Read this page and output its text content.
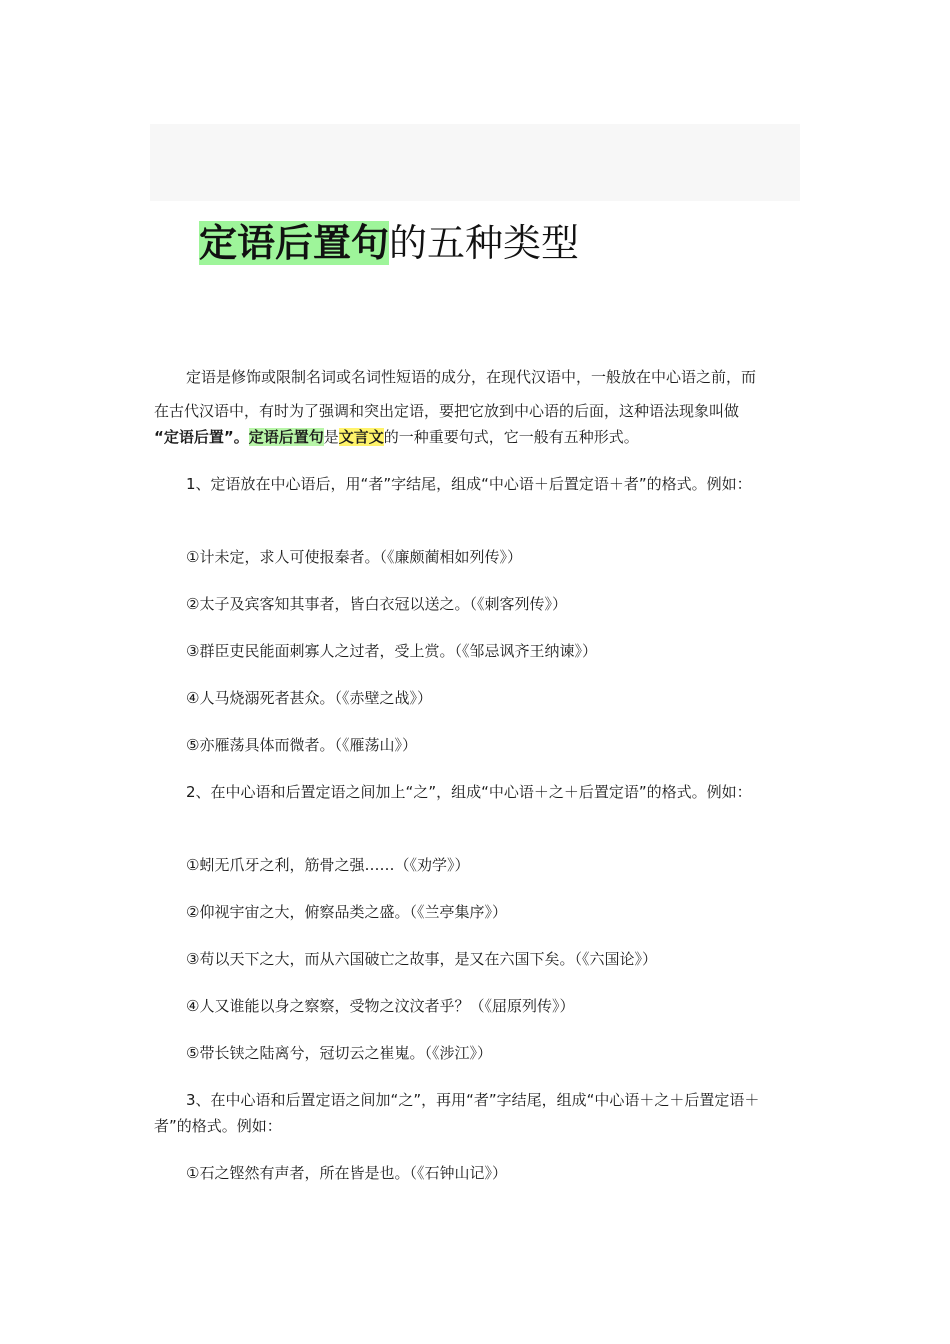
定语后置句的五种类型
定语是修饰或限制名词或名词性短语的成分，在现代汉语中，一般放在中心语之前，而
在古代汉语中，有时为了强调和突出定语，要把它放到中心语的后面，这种语法现象叫做
“定语后置”。定语后置句是文言文的一种重要句式，它一般有五种形式。

1、定语放在中心语后，用“者”字结尾，组成“中心语＋后置定语＋者”的格式。例如：

①计未定，求人可使报秦者。（《廉颇蔺相如列传》）
②太子及宾客知其事者，皆白衣冠以送之。（《刺客列传》）
③群臣吏民能面刺寡人之过者，受上赏。（《邹忌讽齐王纳谏》）
④人马烧溺死者甚众。（《赤壁之战》）
⑤亦雁荡具体而微者。（《雁荡山》）

2、在中心语和后置定语之间加上“之”，组成“中心语＋之＋后置定语”的格式。例如：

①蚓无爪牙之利，筋骨之强……（《劝学》）
②仰视宇宙之大，俯察品类之盛。（《兰亭集序》）
③苟以天下之大，而从六国破亡之故事，是又在六国下矣。（《六国论》）
④人又谁能以身之察察，受物之汶汶者乎？（《屈原列传》）
⑤带长铗之陆离兮，冠切云之崔嵬。（《涉江》）

3、在中心语和后置定语之间加“之”，再用“者”字结尾，组成“中心语＋之＋后置定语＋者”的格式。例如：

①石之铿然有声者，所在皆是也。（《石钟山记》）
